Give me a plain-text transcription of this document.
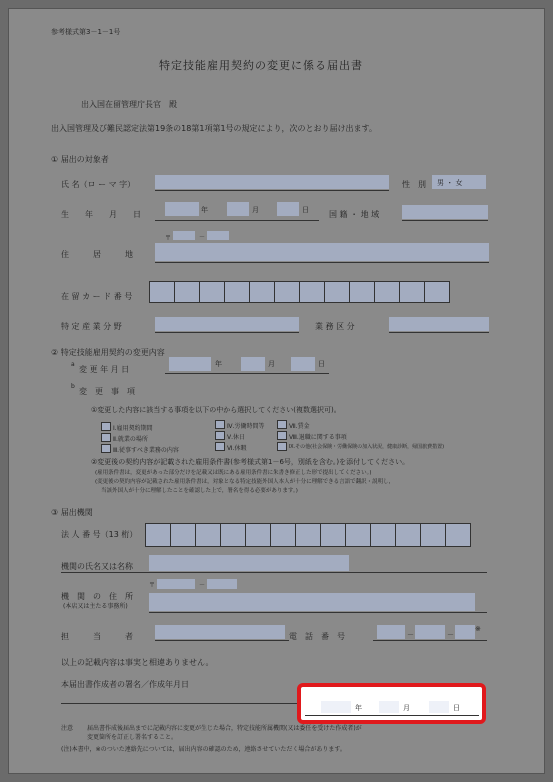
参考様式第3－1－1号
特定技能雇用契約の変更に係る届出書
出入国在留管理庁長官　殿
出入国管理及び難民認定法第19条の18第1項第1号の規定により，次のとおり届け出ます。
① 届出の対象者
氏 名（ロ ー マ 字）	性　別 男 ・ 女
生　　年　　月　　日	年	月	日	国 籍 ・ 地 域
〒	－
住　　　居　　　地
在 留 カ ー ド 番 号
特 定 産 業 分 野	業 務 区 分
② 特定技能雇用契約の変更内容
a
変 更 年 月 日
年	月	日
b
変　更　事　項
①変更した内容に該当する事項を以下の中から選択してください(複数選択可)。
Ⅰ.雇用契約期間
Ⅱ.就業の場所
Ⅲ.従事すべき業務の内容
Ⅳ.労働時間等
Ⅴ.休日
Ⅵ.休暇
Ⅶ.賃金
Ⅷ.退職に関する事項
Ⅸ.その他(社会保険・労働保険の加入状況，健康診断，帰国旅費措置)
②変更後の契約内容が記載された雇用条件書(参考様式第1－6号，別紙を含む。)を添付してください。
(雇用条件書は，変更があった部分だけを記載又は既にある雇用条件書に朱書き修正した形で提出してください。)
(変更後の契約内容が記載された雇用条件書は，対象となる特定技能外国人本人が十分に理解できる言語で翻訳・説明し，
当該外国人が十分に理解したことを確認した上で，署名を得る必要があります。)
③ 届出機関
法 人 番 号（13 桁）
機関の氏名又は名称
〒	－
機　関　の　住　所
(本店又は主たる事務所)
担　　　当　　　者	電　話　番　号	－	－
※
以上の記載内容は事実と相違ありません。
本届出書作成者の署名／作成年月日
年	月	日
注意 届出書作成後届出までに記載内容に変更が生じた場合，特定技能所属機関(又は委任を受けた作成者)が
変更箇所を訂正し署名すること。
(注)本書中，※のついた連絡先については，届出内容の確認のため，連絡させていただく場合があります。
